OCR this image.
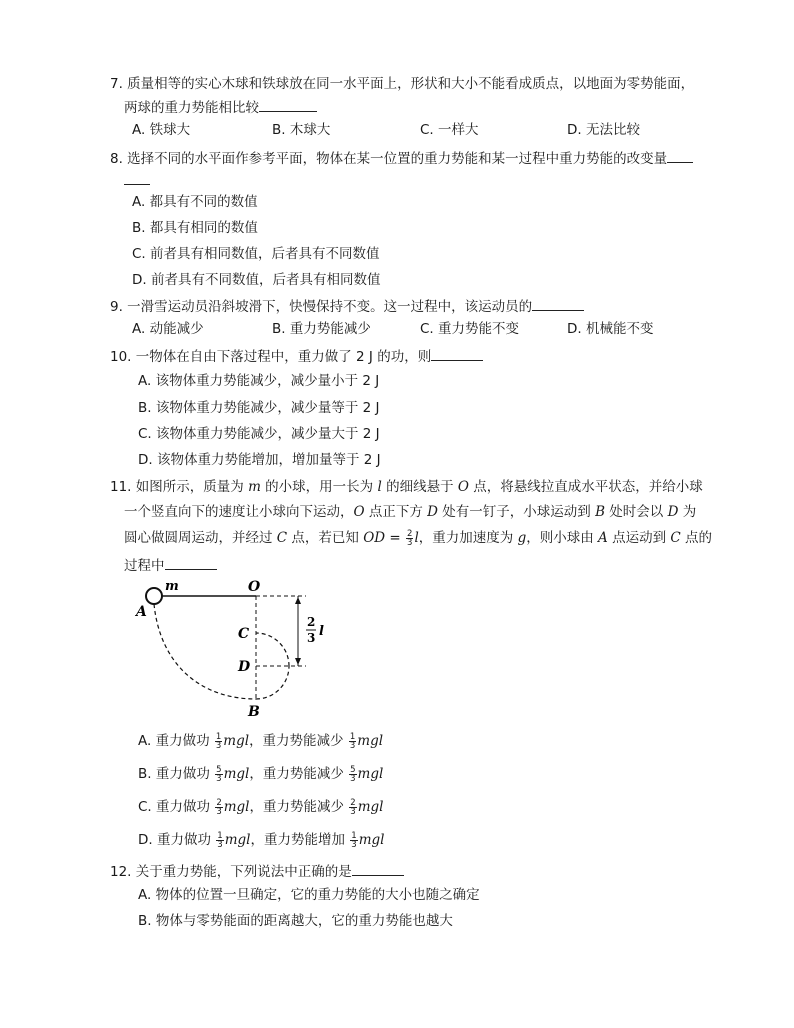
7. 质量相等的实心木球和铁球放在同一水平面上，形状和大小不能看成质点，以地面为零势能面，
两球的重力势能相比较
A. 铁球大	B. 木球大	C. 一样大	D. 无法比较
8. 选择不同的水平面作参考平面，物体在某一位置的重力势能和某一过程中重力势能的改变量
A. 都具有不同的数值
B. 都具有相同的数值
C. 前者具有相同数值，后者具有不同数值
D. 前者具有不同数值，后者具有相同数值
9. 一滑雪运动员沿斜坡滑下，快慢保持不变。这一过程中，该运动员的
A. 动能减少	B. 重力势能减少	C. 重力势能不变	D. 机械能不变
10. 一物体在自由下落过程中，重力做了 2 J 的功，则
A. 该物体重力势能减少，减少量小于 2 J
B. 该物体重力势能减少，减少量等于 2 J
C. 该物体重力势能减少，减少量大于 2 J
D. 该物体重力势能增加，增加量等于 2 J
11. 如图所示，质量为 m 的小球，用一长为 l 的细线悬于 O 点，将悬线拉直成水平状态，并给小球
一个竖直向下的速度让小球向下运动，O 点正下方 D 处有一钉子，小球运动到 B 处时会以 D 为
圆心做圆周运动，并经过 C 点，若已知 OD = $\frac{2}{3}$ l，重力加速度为 g，则小球由 A 点运动到 C 点的
过程中
m	O
A
C
D
B
2
3 l
A. 重力做功 $\frac{1}{3}$ mgl，重力势能减少 $\frac{1}{3}$ mgl
B. 重力做功 $\frac{5}{3}$ mgl，重力势能减少 $\frac{5}{3}$ mgl
C. 重力做功 $\frac{2}{3}$ mgl，重力势能减少 $\frac{2}{3}$ mgl
D. 重力做功 $\frac{1}{3}$ mgl，重力势能增加 $\frac{1}{3}$ mgl
12. 关于重力势能，下列说法中正确的是
A. 物体的位置一旦确定，它的重力势能的大小也随之确定
B. 物体与零势能面的距离越大，它的重力势能也越大
